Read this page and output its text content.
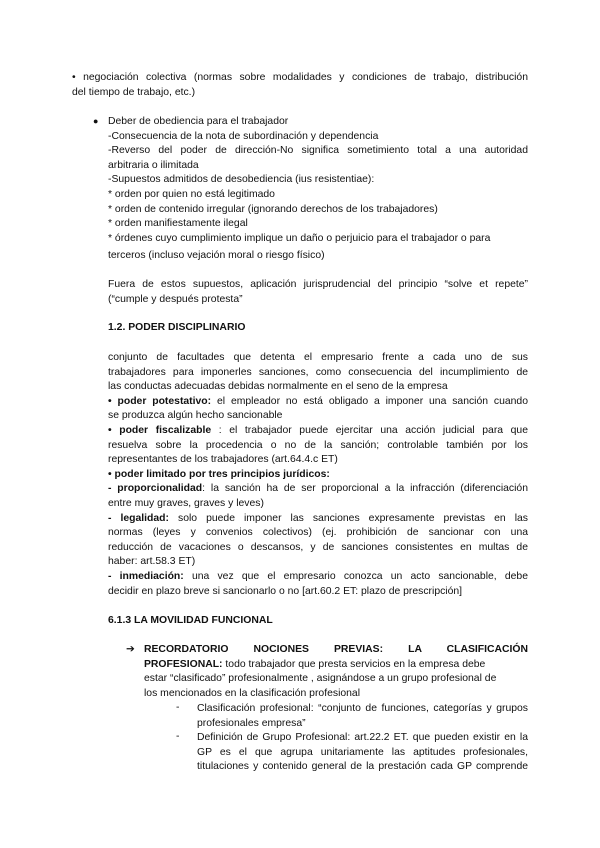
• negociación colectiva (normas sobre modalidades y condiciones de trabajo, distribución
del tiempo de trabajo, etc.)
● Deber de obediencia para el trabajador
-Consecuencia de la nota de subordinación y dependencia
-Reverso del poder de dirección-No significa sometimiento total a una autoridad
arbitraria o ilimitada
-Supuestos admitidos de desobediencia (ius resistentiae):
* orden por quien no está legitimado
* orden de contenido irregular (ignorando derechos de los trabajadores)
* orden manifiestamente ilegal
* órdenes cuyo cumplimiento implique un daño o perjuicio para el trabajador o para
terceros (incluso vejación moral o riesgo físico)
Fuera de estos supuestos, aplicación jurisprudencial del principio “solve et repete”
(“cumple y después protesta”
1.2. PODER DISCIPLINARIO
conjunto de facultades que detenta el empresario frente a cada uno de sus
trabajadores para imponerles sanciones, como consecuencia del incumplimiento de
las conductas adecuadas debidas normalmente en el seno de la empresa
• poder potestativo: el empleador no está obligado a imponer una sanción cuando
se produzca algún hecho sancionable
• poder fiscalizable : el trabajador puede ejercitar una acción judicial para que
resuelva sobre la procedencia o no de la sanción; controlable también por los
representantes de los trabajadores (art.64.4.c ET)
• poder limitado por tres principios jurídicos:
- proporcionalidad: la sanción ha de ser proporcional a la infracción (diferenciación
entre muy graves, graves y leves)
- legalidad: solo puede imponer las sanciones expresamente previstas en las
normas (leyes y convenios colectivos) (ej. prohibición de sancionar con una
reducción de vacaciones o descansos, y de sanciones consistentes en multas de
haber: art.58.3 ET)
- inmediación: una vez que el empresario conozca un acto sancionable, debe
decidir en plazo breve si sancionarlo o no [art.60.2 ET: plazo de prescripción]
6.1.3 LA MOVILIDAD FUNCIONAL
➔ RECORDATORIO NOCIONES PREVIAS: LA CLASIFICACIÓN
PROFESIONAL: todo trabajador que presta servicios en la empresa debe
estar “clasificado” profesionalmente , asignándose a un grupo profesional de
los mencionados en la clasificación profesional
- Clasificación profesional: “conjunto de funciones, categorías y grupos
profesionales empresa”
- Definición de Grupo Profesional: art.22.2 ET. que pueden existir en la
GP es el que agrupa unitariamente las aptitudes profesionales,
titulaciones y contenido general de la prestación cada GP comprende
